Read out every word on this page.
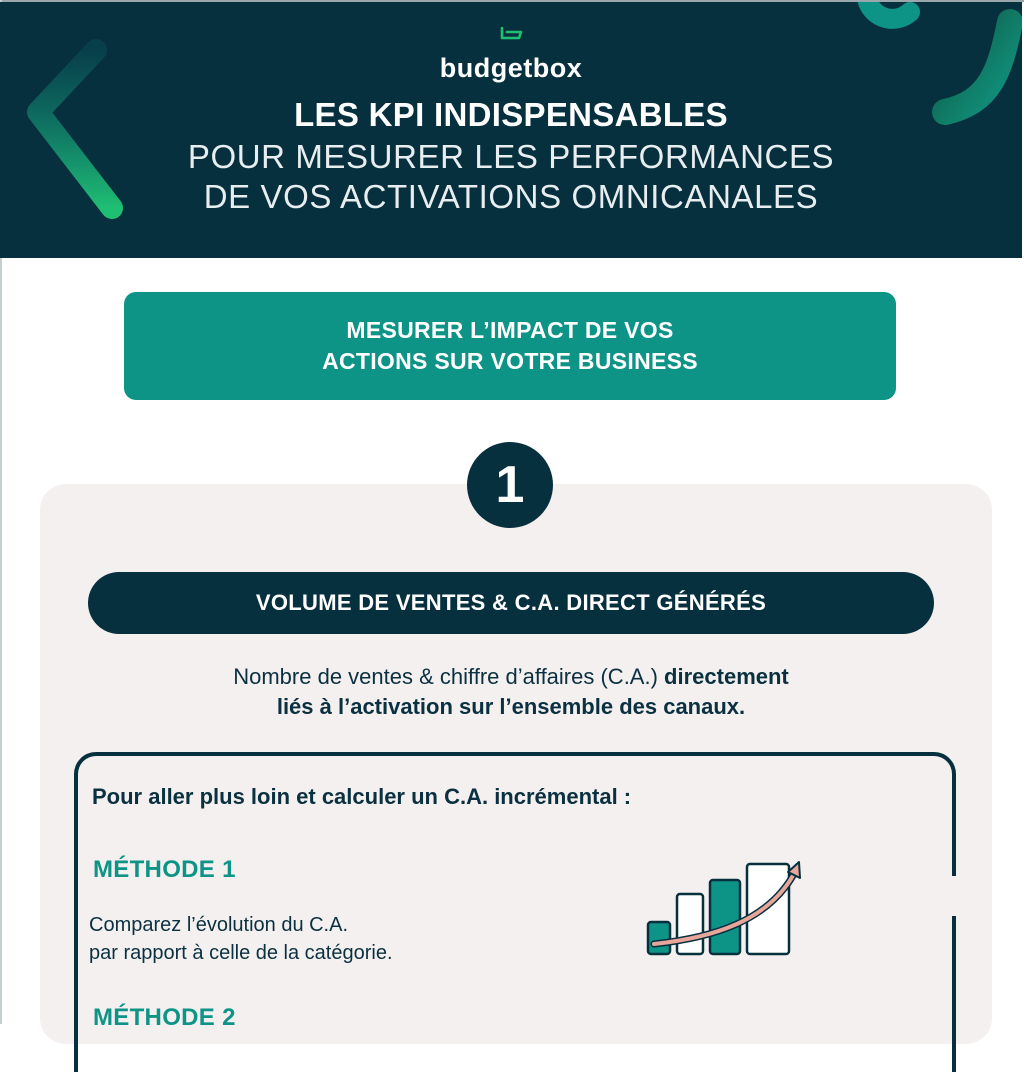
budgetbox
LES KPI INDISPENSABLES
POUR MESURER LES PERFORMANCES
DE VOS ACTIVATIONS OMNICANALES
MESURER L’IMPACT DE VOS
ACTIONS SUR VOTRE BUSINESS
1
VOLUME DE VENTES & C.A. DIRECT GÉNÉRÉS
Nombre de ventes & chiffre d’affaires (C.A.) directement
liés à l’activation sur l’ensemble des canaux.
Pour aller plus loin et calculer un C.A. incrémental :
MÉTHODE 1
Comparez l’évolution du C.A.
par rapport à celle de la catégorie.
MÉTHODE 2
